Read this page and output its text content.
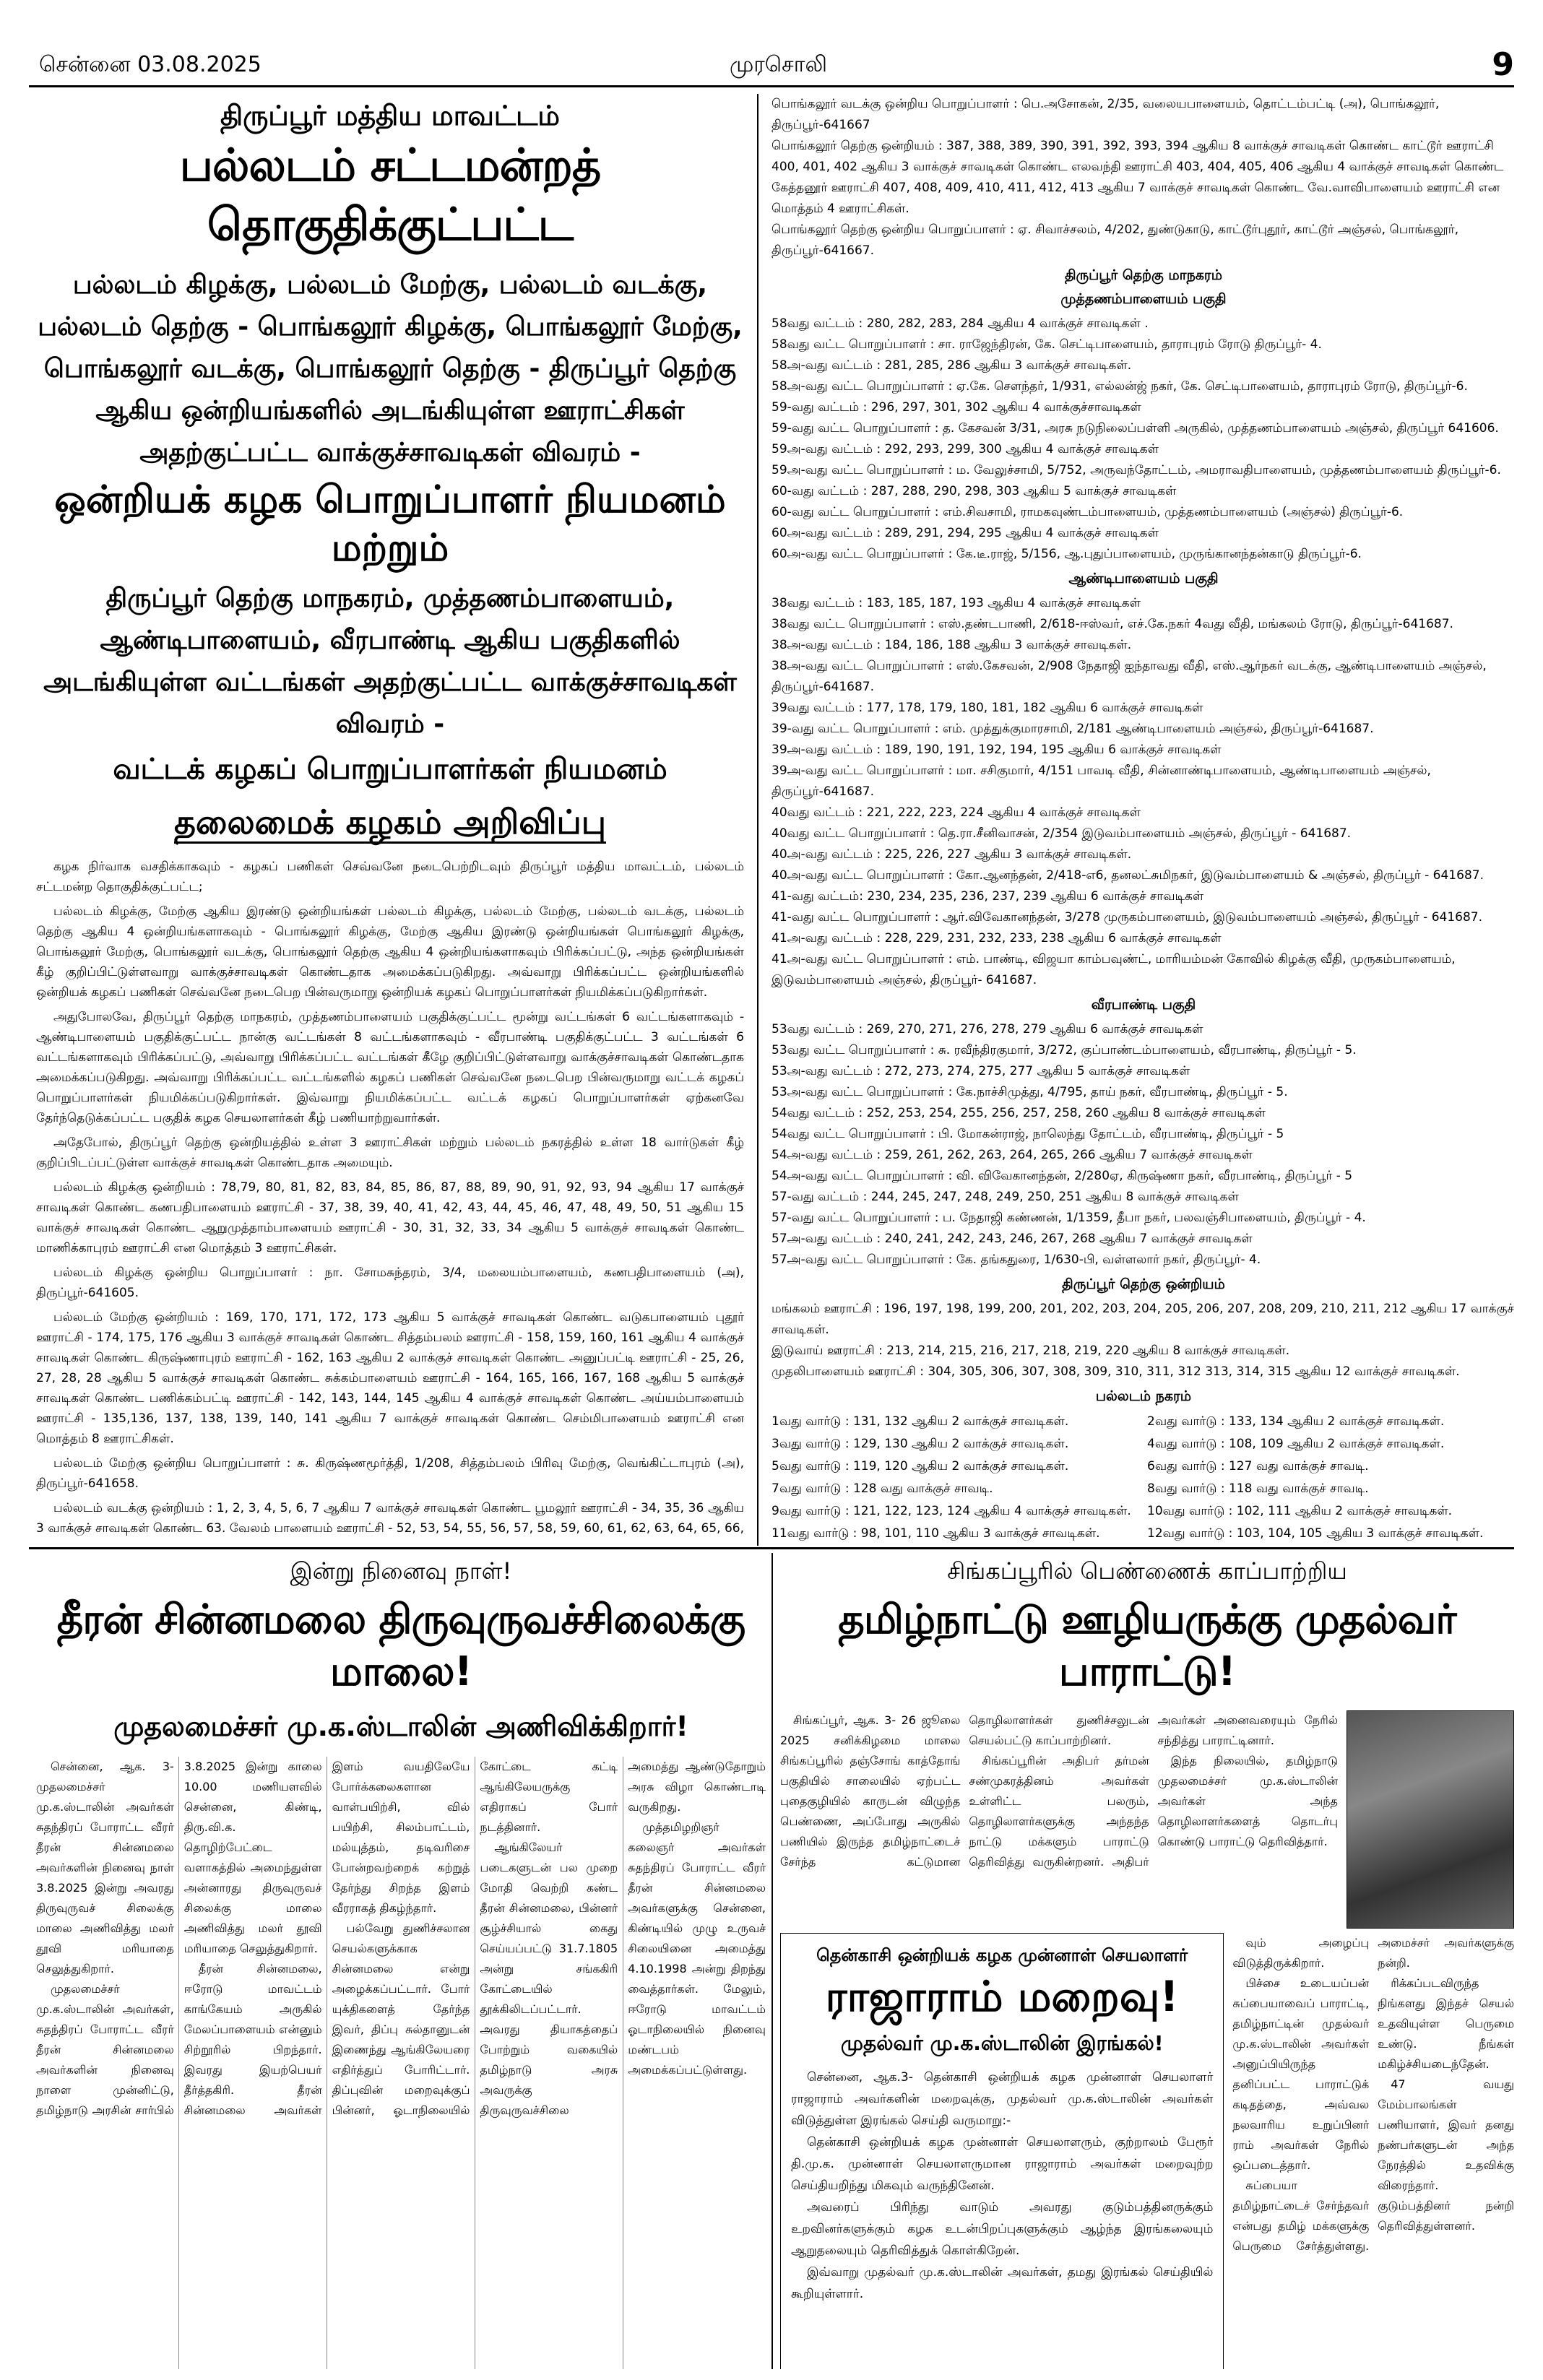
சென்னை 03.08.2025	முரசொலி	9
திருப்பூர் மத்திய மாவட்டம்
பல்லடம் சட்டமன்றத் தொகுதிக்குட்பட்ட
பல்லடம் கிழக்கு, பல்லடம் மேற்கு, பல்லடம் வடக்கு, பல்லடம் தெற்கு - பொங்கலூர் கிழக்கு, பொங்கலூர் மேற்கு, பொங்கலூர் வடக்கு, பொங்கலூர் தெற்கு - திருப்பூர் தெற்கு ஆகிய ஒன்றியங்களில் அடங்கியுள்ள ஊராட்சிகள் அதற்குட்பட்ட வாக்குச்சாவடிகள் விவரம் -
ஒன்றியக் கழக பொறுப்பாளர் நியமனம் மற்றும்
திருப்பூர் தெற்கு மாநகரம், முத்தணம்பாளையம், ஆண்டிபாளையம், வீரபாண்டி ஆகிய பகுதிகளில் அடங்கியுள்ள வட்டங்கள் அதற்குட்பட்ட வாக்குச்சாவடிகள் விவரம் -
வட்டக் கழகப் பொறுப்பாளர்கள் நியமனம்
தலைமைக் கழகம் அறிவிப்பு

கழக நிர்வாக வசதிக்காகவும் - கழகப் பணிகள் செவ்வனே நடைபெற்றிடவும் திருப்பூர் மத்திய மாவட்டம், பல்லடம் சட்டமன்ற தொகுதிக்குட்பட்ட;

பல்லடம் கிழக்கு, மேற்கு ஆகிய இரண்டு ஒன்றியங்கள் பல்லடம் கிழக்கு, பல்லடம் மேற்கு, பல்லடம் வடக்கு, பல்லடம் தெற்கு ஆகிய 4 ஒன்றியங்களாகவும் - பொங்கலூர் கிழக்கு, மேற்கு ஆகிய இரண்டு ஒன்றியங்கள் பொங்கலூர் கிழக்கு, பொங்கலூர் மேற்கு, பொங்கலூர் வடக்கு, பொங்கலூர் தெற்கு ஆகிய 4 ஒன்றியங்களாகவும் பிரிக்கப்பட்டு, அந்த ஒன்றியங்கள் கீழ் குறிப்பிட்டுள்ளவாறு வாக்குச்சாவடிகள் கொண்டதாக அமைக்கப்படுகிறது. அவ்வாறு பிரிக்கப்பட்ட ஒன்றியங்களில் ஒன்றியக் கழகப் பணிகள் செவ்வனே நடைபெற பின்வருமாறு ஒன்றியக் கழகப் பொறுப்பாளர்கள் நியமிக்கப்படுகிறார்கள்.

அதுபோலவே, திருப்பூர் தெற்கு மாநகரம், முத்தணம்பாளையம் பகுதிக்குட்பட்ட மூன்று வட்டங்கள் 6 வட்டங்களாகவும் - ஆண்டிபாளையம் பகுதிக்குட்பட்ட நான்கு வட்டங்கள் 8 வட்டங்களாகவும் - வீரபாண்டி பகுதிக்குட்பட்ட 3 வட்டங்கள் 6 வட்டங்களாகவும் பிரிக்கப்பட்டு, அவ்வாறு பிரிக்கப்பட்ட வட்டங்கள் கீழே குறிப்பிட்டுள்ளவாறு வாக்குச்சாவடிகள் கொண்டதாக அமைக்கப்படுகிறது. அவ்வாறு பிரிக்கப்பட்ட வட்டங்களில் கழகப் பணிகள் செவ்வனே நடைபெற பின்வருமாறு வட்டக் கழகப் பொறுப்பாளர்கள் நியமிக்கப்படுகிறார்கள். இவ்வாறு நியமிக்கப்பட்ட வட்டக் கழகப் பொறுப்பாளர்கள் ஏற்கனவே தேர்ந்தெடுக்கப்பட்ட பகுதிக் கழக செயலாளர்கள் கீழ் பணியாற்றுவார்கள்.

அதேபோல், திருப்பூர் தெற்கு ஒன்றியத்தில் உள்ள 3 ஊராட்சிகள் மற்றும் பல்லடம் நகரத்தில் உள்ள 18 வார்டுகள் கீழ் குறிப்பிடப்பட்டுள்ள வாக்குச் சாவடிகள் கொண்டதாக அமையும்.

பல்லடம் கிழக்கு ஒன்றியம் : 78,79, 80, 81, 82, 83, 84, 85, 86, 87, 88, 89, 90, 91, 92, 93, 94 ஆகிய 17 வாக்குச் சாவடிகள் கொண்ட கணபதிபாளையம் ஊராட்சி - 37, 38, 39, 40, 41, 42, 43, 44, 45, 46, 47, 48, 49, 50, 51 ஆகிய 15 வாக்குச் சாவடிகள் கொண்ட ஆறுமுத்தாம்பாளையம் ஊராட்சி - 30, 31, 32, 33, 34 ஆகிய 5 வாக்குச் சாவடிகள் கொண்ட மாணிக்காபுரம் ஊராட்சி என மொத்தம் 3 ஊராட்சிகள்.

பல்லடம் கிழக்கு ஒன்றிய பொறுப்பாளர் : நா. சோமசுந்தரம், 3/4, மலையம்பாளையம், கணபதிபாளையம் (அ), திருப்பூர்-641605.

பல்லடம் மேற்கு ஒன்றியம் : 169, 170, 171, 172, 173 ஆகிய 5 வாக்குச் சாவடிகள் கொண்ட வடுகபாளையம் புதூர் ஊராட்சி - 174, 175, 176 ஆகிய 3 வாக்குச் சாவடிகள் கொண்ட சித்தம்பலம் ஊராட்சி - 158, 159, 160, 161 ஆகிய 4 வாக்குச் சாவடிகள் கொண்ட கிருஷ்ணாபுரம் ஊராட்சி - 162, 163 ஆகிய 2 வாக்குச் சாவடிகள் கொண்ட அனுப்பட்டி ஊராட்சி - 25, 26, 27, 28, 28 ஆகிய 5 வாக்குச் சாவடிகள் கொண்ட சுக்கம்பாளையம் ஊராட்சி - 164, 165, 166, 167, 168 ஆகிய 5 வாக்குச் சாவடிகள் கொண்ட பணிக்கம்பட்டி ஊராட்சி - 142, 143, 144, 145 ஆகிய 4 வாக்குச் சாவடிகள் கொண்ட அய்யம்பாளையம் ஊராட்சி - 135,136, 137, 138, 139, 140, 141 ஆகிய 7 வாக்குச் சாவடிகள் கொண்ட செம்மிபாளையம் ஊராட்சி என மொத்தம் 8 ஊராட்சிகள்.

பல்லடம் மேற்கு ஒன்றிய பொறுப்பாளர் : சு. கிருஷ்ணமூர்த்தி, 1/208, சித்தம்பலம் பிரிவு மேற்கு, வெங்கிட்டாபுரம் (அ), திருப்பூர்-641658.

பல்லடம் வடக்கு ஒன்றியம் : 1, 2, 3, 4, 5, 6, 7 ஆகிய 7 வாக்குச் சாவடிகள் கொண்ட பூமலூர் ஊராட்சி - 34, 35, 36 ஆகிய 3 வாக்குச் சாவடிகள் கொண்ட 63. வேலம் பாளையம் ஊராட்சி - 52, 53, 54, 55, 56, 57, 58, 59, 60, 61, 62, 63, 64, 65, 66,

பொங்கலூர் வடக்கு ஒன்றிய பொறுப்பாளர் : பெ.அசோகன், 2/35, வலையபாளையம், தொட்டம்பட்டி (அ), பொங்கலூர், திருப்பூர்-641667

பொங்கலூர் தெற்கு ஒன்றியம் : 387, 388, 389, 390, 391, 392, 393, 394 ஆகிய 8 வாக்குச் சாவடிகள் கொண்ட காட்டூர் ஊராட்சி 400, 401, 402 ஆகிய 3 வாக்குச் சாவடிகள் கொண்ட எலவந்தி ஊராட்சி 403, 404, 405, 406 ஆகிய 4 வாக்குச் சாவடிகள் கொண்ட கேத்தனூர் ஊராட்சி 407, 408, 409, 410, 411, 412, 413 ஆகிய 7 வாக்குச் சாவடிகள் கொண்ட வே.வாவிபாளையம் ஊராட்சி என மொத்தம் 4 ஊராட்சிகள்.

பொங்கலூர் தெற்கு ஒன்றிய பொறுப்பாளர் : ஏ. சிவாச்சலம், 4/202, துண்டுகாடு, காட்டூர்புதூர், காட்டூர் அஞ்சல், பொங்கலூர், திருப்பூர்-641667.

திருப்பூர் தெற்கு மாநகரம்
முத்தணம்பாளையம் பகுதி

58வது வட்டம் : 280, 282, 283, 284 ஆகிய 4 வாக்குச் சாவடிகள் .

58வது வட்ட பொறுப்பாளர் : சா. ராஜேந்திரன், கே. செட்டிபாளையம், தாராபுரம் ரோடு திருப்பூர்- 4.

58அ-வது வட்டம் : 281, 285, 286 ஆகிய 3 வாக்குச் சாவடிகள்.

58அ-வது வட்ட பொறுப்பாளர் : ஏ.கே. சௌந்தர், 1/931, எல்லன்ஜ் நகர், கே. செட்டிபாளையம், தாராபுரம் ரோடு, திருப்பூர்-6.

59-வது வட்டம் : 296, 297, 301, 302 ஆகிய 4 வாக்குச்சாவடிகள்

59-வது வட்ட பொறுப்பாளர் : த. கேசவன் 3/31, அரசு நடுநிலைப்பள்ளி அருகில், முத்தணம்பாளையம் அஞ்சல், திருப்பூர் 641606.

59அ-வது வட்டம் : 292, 293, 299, 300 ஆகிய 4 வாக்குச் சாவடிகள்

59அ-வது வட்ட பொறுப்பாளர் : ம. வேலுச்சாமி, 5/752, அருவந்தோட்டம், அமராவதிபாளையம், முத்தணம்பாளையம் திருப்பூர்-6.

60-வது வட்டம் : 287, 288, 290, 298, 303 ஆகிய 5 வாக்குச் சாவடிகள்

60-வது வட்ட பொறுப்பாளர் : எம்.சிவசாமி, ராமகவுண்டம்பாளையம், முத்தணம்பாளையம் (அஞ்சல்) திருப்பூர்-6.

60அ-வது வட்டம் : 289, 291, 294, 295 ஆகிய 4 வாக்குச் சாவடிகள்

60அ-வது வட்ட பொறுப்பாளர் : கே.டீ.ராஜ், 5/156, ஆ.புதுப்பாளையம், முருங்கானந்தன்காடு திருப்பூர்-6.

ஆண்டிபாளையம் பகுதி

38வது வட்டம் : 183, 185, 187, 193 ஆகிய 4 வாக்குச் சாவடிகள்

38வது வட்ட பொறுப்பாளர் : எஸ்.தண்டபாணி, 2/618-ஈஸ்வர், எச்.கே.நகர் 4வது வீதி, மங்கலம் ரோடு, திருப்பூர்-641687.

38அ-வது வட்டம் : 184, 186, 188 ஆகிய 3 வாக்குச் சாவடிகள்.

38அ-வது வட்ட பொறுப்பாளர் : எஸ்.கேசவன், 2/908 நேதாஜி ஐந்தாவது வீதி, எஸ்.ஆர்நகர் வடக்கு, ஆண்டிபாளையம் அஞ்சல், திருப்பூர்-641687.

39வது வட்டம் : 177, 178, 179, 180, 181, 182 ஆகிய 6 வாக்குச் சாவடிகள்

39-வது வட்ட பொறுப்பாளர் : எம். முத்துக்குமாரசாமி, 2/181 ஆண்டிபாளையம் அஞ்சல், திருப்பூர்-641687.

39அ-வது வட்டம் : 189, 190, 191, 192, 194, 195 ஆகிய 6 வாக்குச் சாவடிகள்

39அ-வது வட்ட பொறுப்பாளர் : மா. சசிகுமார், 4/151 பாவடி வீதி, சின்னாண்டிபாளையம், ஆண்டிபாளையம் அஞ்சல், திருப்பூர்-641687.

40வது வட்டம் : 221, 222, 223, 224 ஆகிய 4 வாக்குச் சாவடிகள்

40வது வட்ட பொறுப்பாளர் : தெ.ரா.சீனிவாசன், 2/354 இடுவம்பாளையம் அஞ்சல், திருப்பூர் - 641687.

40அ-வது வட்டம் : 225, 226, 227 ஆகிய 3 வாக்குச் சாவடிகள்.

40அ-வது வட்ட பொறுப்பாளர் : கோ.ஆனந்தன், 2/418-எ6, தனலட்சுமிநகர், இடுவம்பாளையம் & அஞ்சல், திருப்பூர் - 641687.

41-வது வட்டம்: 230, 234, 235, 236, 237, 239 ஆகிய 6 வாக்குச் சாவடிகள்

41-வது வட்ட பொறுப்பாளர் : ஆர்.விவேகானந்தன், 3/278 முருகம்பாளையம், இடுவம்பாளையம் அஞ்சல், திருப்பூர் - 641687.

41அ-வது வட்டம் : 228, 229, 231, 232, 233, 238 ஆகிய 6 வாக்குச் சாவடிகள்

41அ-வது வட்ட பொறுப்பாளர் : எம். பாண்டி, விஜயா காம்பவுண்ட், மாரியம்மன் கோவில் கிழக்கு வீதி, முருகம்பாளையம், இடுவம்பாளையம் அஞ்சல், திருப்பூர்- 641687.

வீரபாண்டி பகுதி

53வது வட்டம் : 269, 270, 271, 276, 278, 279 ஆகிய 6 வாக்குச் சாவடிகள்

53வது வட்ட பொறுப்பாளர் : சு. ரவீந்திரகுமார், 3/272, குப்பாண்டம்பாளையம், வீரபாண்டி, திருப்பூர் - 5.

53அ-வது வட்டம் : 272, 273, 274, 275, 277 ஆகிய 5 வாக்குச் சாவடிகள்

53அ-வது வட்ட பொறுப்பாளர் : கே.நாச்சிமுத்து, 4/795, தாய் நகர், வீரபாண்டி, திருப்பூர் - 5.

54வது வட்டம் : 252, 253, 254, 255, 256, 257, 258, 260 ஆகிய 8 வாக்குச் சாவடிகள்

54வது வட்ட பொறுப்பாளர் : பி. மோகன்ராஜ், நாலெந்து தோட்டம், வீரபாண்டி, திருப்பூர் - 5

54அ-வது வட்டம் : 259, 261, 262, 263, 264, 265, 266 ஆகிய 7 வாக்குச் சாவடிகள்

54அ-வது வட்ட பொறுப்பாளர் : வி. விவேகானந்தன், 2/280ஏ, கிருஷ்ணா நகர், வீரபாண்டி, திருப்பூர் - 5

57-வது வட்டம் : 244, 245, 247, 248, 249, 250, 251 ஆகிய 8 வாக்குச் சாவடிகள்

57-வது வட்ட பொறுப்பாளர் : ப. நேதாஜி கண்ணன், 1/1359, தீபா நகர், பலவஞ்சிபாளையம், திருப்பூர் - 4.

57அ-வது வட்டம் : 240, 241, 242, 243, 246, 267, 268 ஆகிய 7 வாக்குச் சாவடிகள்

57அ-வது வட்ட பொறுப்பாளர் : கே. தங்கதுரை, 1/630-பி, வள்ளலார் நகர், திருப்பூர்- 4.

திருப்பூர் தெற்கு ஒன்றியம்

மங்கலம் ஊராட்சி : 196, 197, 198, 199, 200, 201, 202, 203, 204, 205, 206, 207, 208, 209, 210, 211, 212 ஆகிய 17 வாக்குச் சாவடிகள்.

இடுவாய் ஊராட்சி : 213, 214, 215, 216, 217, 218, 219, 220 ஆகிய 8 வாக்குச் சாவடிகள்.

முதலிபாளையம் ஊராட்சி : 304, 305, 306, 307, 308, 309, 310, 311, 312 313, 314, 315 ஆகிய 12 வாக்குச் சாவடிகள்.

பல்லடம் நகரம்
1வது வார்டு : 131, 132 ஆகிய 2 வாக்குச் சாவடிகள்.	2வது வார்டு : 133, 134 ஆகிய 2 வாக்குச் சாவடிகள்.
3வது வார்டு : 129, 130 ஆகிய 2 வாக்குச் சாவடிகள்.	4வது வார்டு : 108, 109 ஆகிய 2 வாக்குச் சாவடிகள்.
5வது வார்டு : 119, 120 ஆகிய 2 வாக்குச் சாவடிகள்.	6வது வார்டு : 127 வது வாக்குச் சாவடி.
7வது வார்டு : 128 வது வாக்குச் சாவடி.	8வது வார்டு : 118 வது வாக்குச் சாவடி.
9வது வார்டு : 121, 122, 123, 124 ஆகிய 4 வாக்குச் சாவடிகள்.	10வது வார்டு : 102, 111 ஆகிய 2 வாக்குச் சாவடிகள்.
11வது வார்டு : 98, 101, 110 ஆகிய 3 வாக்குச் சாவடிகள்.	12வது வார்டு : 103, 104, 105 ஆகிய 3 வாக்குச் சாவடிகள்.
இன்று நினைவு நாள்!
தீரன் சின்னமலை திருவுருவச்சிலைக்கு மாலை!
முதலமைச்சர் மு.க.ஸ்டாலின் அணிவிக்கிறார்!

சென்னை, ஆக. 3- முதலமைச்சர் மு.க.ஸ்டாலின் அவர்கள் சுதந்திரப் போராட்ட வீரர் தீரன் சின்னமலை அவர்களின் நினைவு நாள் 3.8.2025 இன்று அவரது திருவுருவச் சிலைக்கு மாலை அணிவித்து மலர் தூவி மரியாதை செலுத்துகிறார்.

முதலமைச்சர் மு.க.ஸ்டாலின் அவர்கள், சுதந்திரப் போராட்ட வீரர் தீரன் சின்னமலை அவர்களின் நினைவு நாளை முன்னிட்டு, தமிழ்நாடு அரசின் சார்பில் 3.8.2025 இன்று காலை 10.00 மணியளவில் சென்னை, கிண்டி, திரு.வி.க. தொழிற்பேட்டை வளாகத்தில் அமைந்துள்ள அன்னாரது திருவுருவச் சிலைக்கு மாலை அணிவித்து மலர் தூவி மரியாதை செலுத்துகிறார்.

தீரன் சின்னமலை, ஈரோடு மாவட்டம் காங்கேயம் அருகில் மேலப்பாளையம் என்னும் சிற்றூரில் பிறந்தார். இவரது இயற்பெயர் தீர்த்தகிரி. தீரன் சின்னமலை அவர்கள் இளம் வயதிலேயே போர்க்கலைகளான வாள்பயிற்சி, வில் பயிற்சி, சிலம்பாட்டம், மல்யுத்தம், தடிவரிசை போன்றவற்றைக் கற்றுத் தேர்ந்து சிறந்த இளம் வீரராகத் திகழ்ந்தார்.

பல்வேறு துணிச்சலான செயல்களுக்காக சின்னமலை என்று அழைக்கப்பட்டார். போர் யுக்திகளைத் தேர்ந்த இவர், திப்பு சுல்தானுடன் இணைந்து ஆங்கிலேயரை எதிர்த்துப் போரிட்டார். திப்புவின் மறைவுக்குப் பின்னர், ஓடாநிலையில் கோட்டை கட்டி ஆங்கிலேயருக்கு எதிராகப் போர் நடத்தினார்.

ஆங்கிலேயர் படைகளுடன் பல முறை மோதி வெற்றி கண்ட தீரன் சின்னமலை, பின்னர் சூழ்ச்சியால் கைது செய்யப்பட்டு 31.7.1805 அன்று சங்ககிரி கோட்டையில் தூக்கிலிடப்பட்டார். அவரது தியாகத்தைப் போற்றும் வகையில் தமிழ்நாடு அரசு அவருக்கு திருவுருவச்சிலை அமைத்து ஆண்டுதோறும் அரசு விழா கொண்டாடி வருகிறது.

முத்தமிழறிஞர் கலைஞர் அவர்கள் சுதந்திரப் போராட்ட வீரர் தீரன் சின்னமலை அவர்களுக்கு சென்னை, கிண்டியில் முழு உருவச் சிலையினை அமைத்து 4.10.1998 அன்று திறந்து வைத்தார்கள். மேலும், ஈரோடு மாவட்டம் ஓடாநிலையில் நினைவு மண்டபம் அமைக்கப்பட்டுள்ளது.

சிங்கப்பூரில் பெண்ணைக் காப்பாற்றிய
தமிழ்நாட்டு ஊழியருக்கு முதல்வர் பாராட்டு!

சிங்கப்பூர், ஆக. 3- 26 ஜூலை 2025 சனிக்கிழமை மாலை சிங்கப்பூரில் தஞ்சோங் காத்தோங் பகுதியில் சாலையில் ஏற்பட்ட புதைகுழியில் காருடன் விழுந்த பெண்ணை, அப்போது அருகில் பணியில் இருந்த தமிழ்நாட்டைச் சேர்ந்த கட்டுமான தொழிலாளர்கள் துணிச்சலுடன் செயல்பட்டு காப்பாற்றினர்.

சிங்கப்பூரின் அதிபர் தர்மன் சண்முகரத்தினம் அவர்கள் உள்ளிட்ட பலரும், தொழிலாளர்களுக்கு அந்தந்த நாட்டு மக்களும் பாராட்டு தெரிவித்து வருகின்றனர். அதிபர் அவர்கள் அனைவரையும் நேரில் சந்தித்து பாராட்டினார்.

இந்த நிலையில், தமிழ்நாடு முதலமைச்சர் மு.க.ஸ்டாலின் அவர்கள் அந்த தொழிலாளர்களைத் தொடர்பு கொண்டு பாராட்டு தெரிவித்தார்.

தென்காசி ஒன்றியக் கழக முன்னாள் செயலாளர்
ராஜாராம் மறைவு!
முதல்வர் மு.க.ஸ்டாலின் இரங்கல்!

சென்னை, ஆக.3- தென்காசி ஒன்றியக் கழக முன்னாள் செயலாளர் ராஜாராம் அவர்களின் மறைவுக்கு, முதல்வர் மு.க.ஸ்டாலின் அவர்கள் விடுத்துள்ள இரங்கல் செய்தி வருமாறு:-

தென்காசி ஒன்றியக் கழக முன்னாள் செயலாளரும், குற்றாலம் பேரூர் தி.மு.க. முன்னாள் செயலாளருமான ராஜாராம் அவர்கள் மறைவுற்ற செய்தியறிந்து மிகவும் வருந்தினேன்.

அவரைப் பிரிந்து வாடும் அவரது குடும்பத்தினருக்கும் உறவினர்களுக்கும் கழக உடன்பிறப்புகளுக்கும் ஆழ்ந்த இரங்கலையும் ஆறுதலையும் தெரிவித்துக் கொள்கிறேன்.

இவ்வாறு முதல்வர் மு.க.ஸ்டாலின் அவர்கள், தமது இரங்கல் செய்தியில் கூறியுள்ளார்.

வும் அழைப்பு விடுத்திருக்கிறார்.

பிச்சை உடையப்பன் சுப்பையாவைப் பாராட்டி, தமிழ்நாட்டின் முதல்வர் மு.க.ஸ்டாலின் அவர்கள் அனுப்பியிருந்த தனிப்பட்ட பாராட்டுக் கடிதத்தை, அவ்வல நலவாரிய உறுப்பினர் ராம் அவர்கள் நேரில் ஒப்படைத்தார்.

சுப்பையா தமிழ்நாட்டைச் சேர்ந்தவர் என்பது தமிழ் மக்களுக்கு பெருமை சேர்த்துள்ளது. அமைச்சர் அவர்களுக்கு நன்றி.

ரிக்கப்படவிருந்த நிங்களது இந்தச் செயல் உதவியுள்ள பெருமை உண்டு. நீங்கள் மகிழ்ச்சியடைந்தேன்.

47 வயது மேம்பாலங்கள் பணியாளர், இவர் தனது நண்பர்களுடன் அந்த நேரத்தில் உதவிக்கு விரைந்தார். குடும்பத்தினர் நன்றி தெரிவித்துள்ளனர்.
